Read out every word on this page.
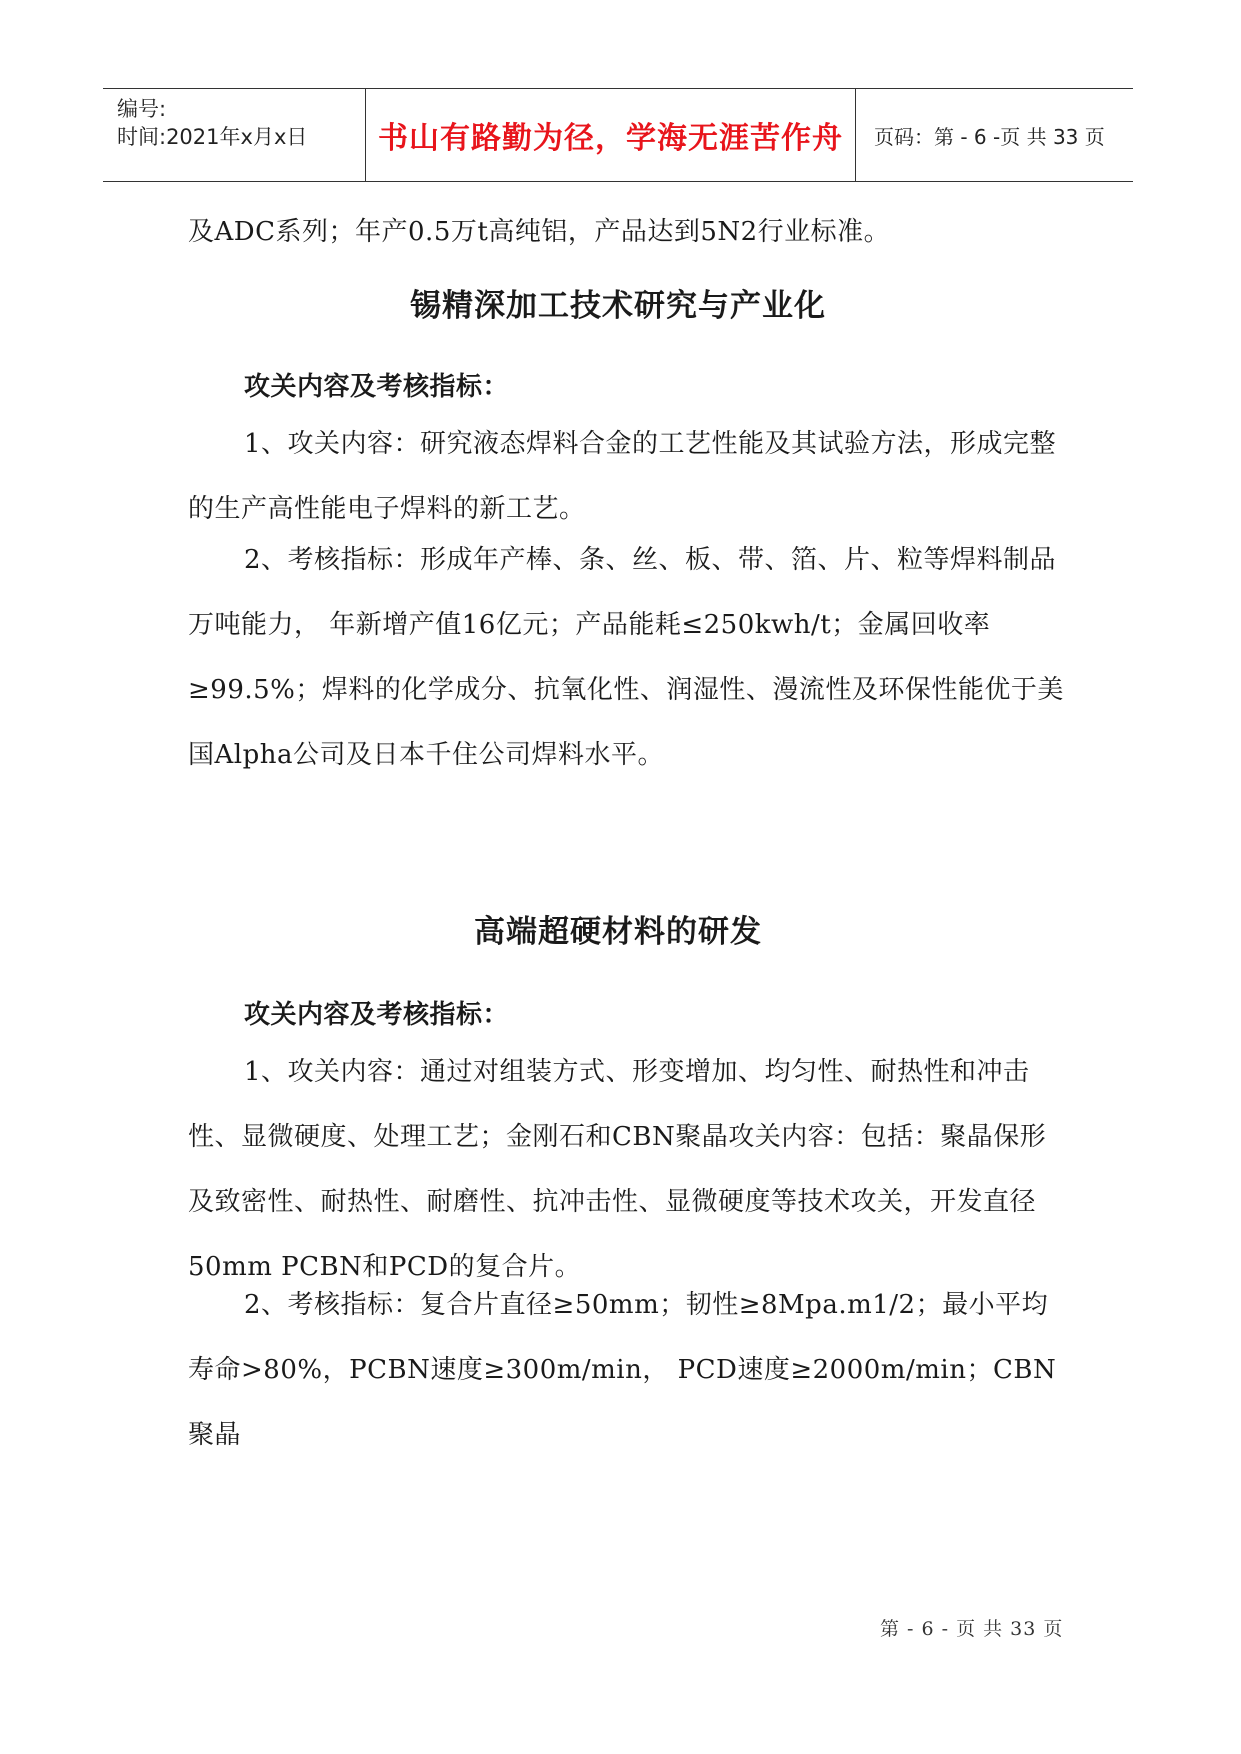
编号:
时间:2021年x月x日 书山有路勤为径，学海无涯苦作舟 页码：第 - 6 -页 共 33 页

及ADC系列；年产0.5万t高纯铝，产品达到5N2行业标准。

锡精深加工技术研究与产业化

攻关内容及考核指标：

1、攻关内容：研究液态焊料合金的工艺性能及其试验方法，形成完整的生产高性能电子焊料的新工艺。

2、考核指标：形成年产棒、条、丝、板、带、箔、片、粒等焊料制品万吨能力， 年新增产值16亿元；产品能耗≤250kwh/t；金属回收率≥99.5%；焊料的化学成分、抗氧化性、润湿性、漫流性及环保性能优于美国Alpha公司及日本千住公司焊料水平。

高端超硬材料的研发

攻关内容及考核指标：

1、攻关内容：通过对组装方式、形变增加、均匀性、耐热性和冲击性、显微硬度、处理工艺；金刚石和CBN聚晶攻关内容：包括：聚晶保形及致密性、耐热性、耐磨性、抗冲击性、显微硬度等技术攻关，开发直径50mm PCBN和PCD的复合片。

2、考核指标：复合片直径≥50mm；韧性≥8Mpa.m1/2；最小平均寿命>80%，PCBN速度≥300m/min， PCD速度≥2000m/min；CBN聚晶

第 - 6 - 页 共 33 页
